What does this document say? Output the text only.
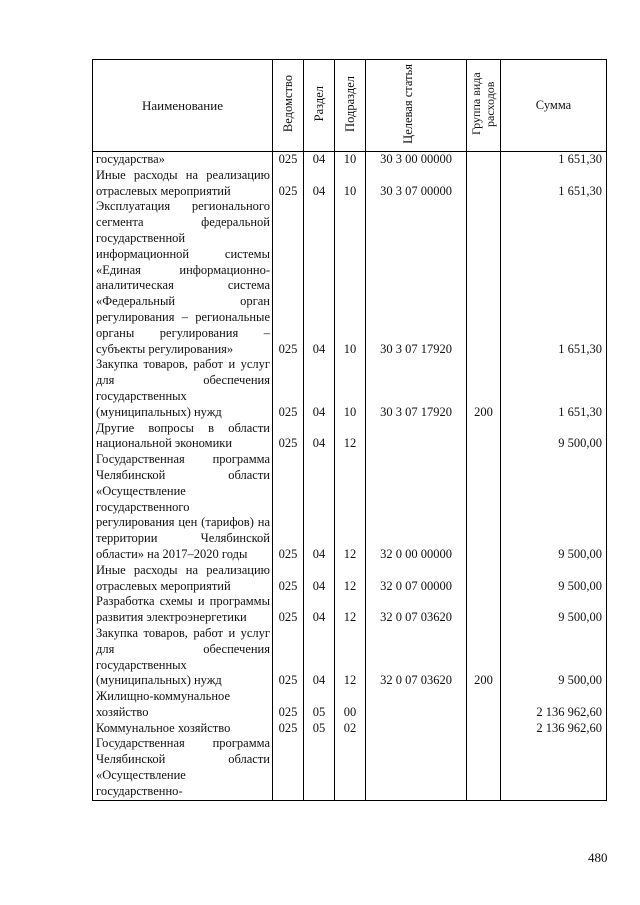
Наименование	Ведомство	Раздел	Подраздел	Целевая статья	Группа вида расходов	Сумма
государства»	025	04	10	30 3 00 00000		1 651,30
Иные расходы на реализацию отраслевых мероприятий	025	04	10	30 3 07 00000		1 651,30
Эксплуатация регионального сегмента федеральной государственной информационной системы «Единая информационно-аналитическая система «Федеральный орган регулирования – региональные органы регулирования – субъекты регулирования»	025	04	10	30 3 07 17920		1 651,30
Закупка товаров, работ и услуг для обеспечения государственных (муниципальных) нужд	025	04	10	30 3 07 17920	200	1 651,30
Другие вопросы в области национальной экономики	025	04	12			9 500,00
Государственная программа Челябинской области «Осуществление государственного регулирования цен (тарифов) на территории Челябинской области» на 2017–2020 годы	025	04	12	32 0 00 00000		9 500,00
Иные расходы на реализацию отраслевых мероприятий	025	04	12	32 0 07 00000		9 500,00
Разработка схемы и программы развития электроэнергетики	025	04	12	32 0 07 03620		9 500,00
Закупка товаров, работ и услуг для обеспечения государственных (муниципальных) нужд	025	04	12	32 0 07 03620	200	9 500,00
Жилищно-коммунальное хозяйство	025	05	00			2 136 962,60
Коммунальное хозяйство	025	05	02			2 136 962,60
Государственная программа Челябинской области «Осуществление государственно-						
480
